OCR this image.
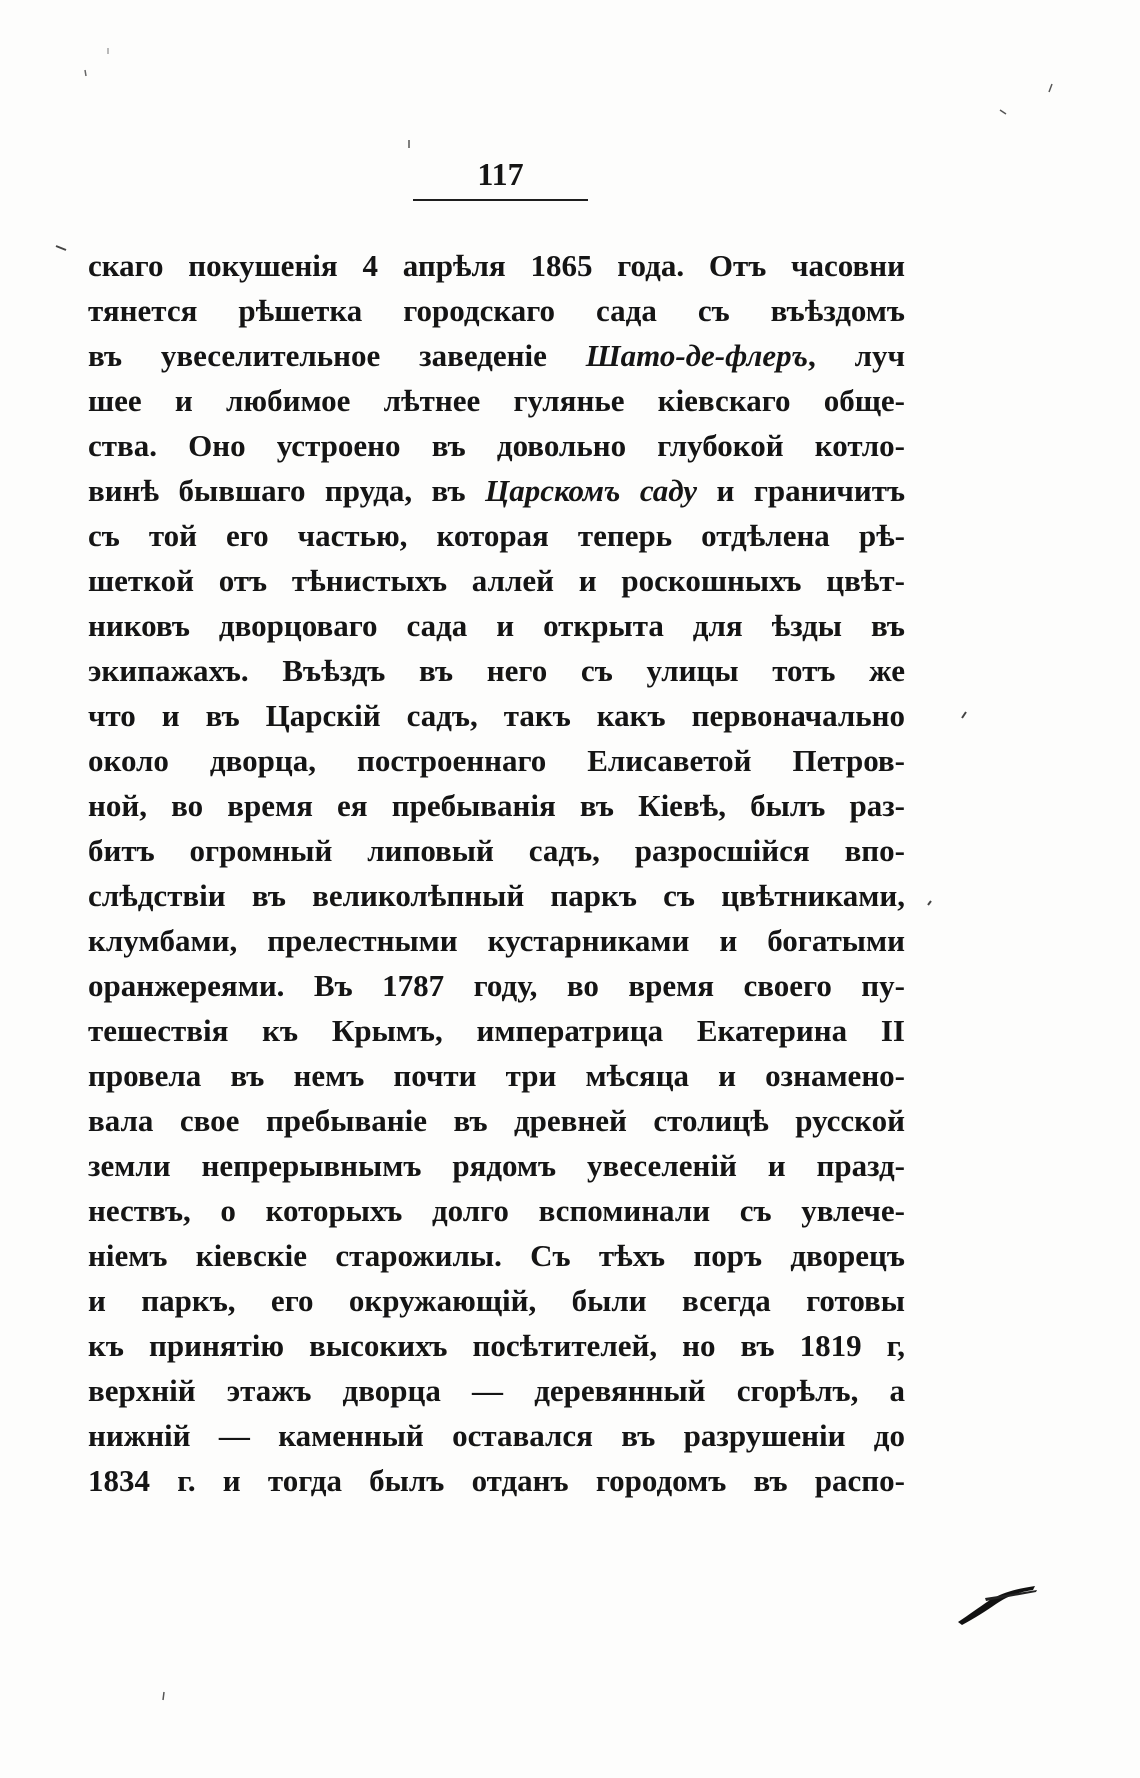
117
скаго покушенія 4 апрѣля 1865 года. Отъ часовни
тянется рѣшетка городскаго сада съ въѣздомъ
въ увеселительное заведеніе Шато-де-флеръ, луч
шее и любимое лѣтнее гулянье кіевскаго обще-
ства. Оно устроено въ довольно глубокой котло-
винѣ бывшаго пруда, въ Царскомъ саду и граничитъ
съ той его частью, которая теперь отдѣлена рѣ-
шеткой отъ тѣнистыхъ аллей и роскошныхъ цвѣт-
никовъ дворцоваго сада и открыта для ѣзды въ
экипажахъ. Въѣздъ въ него съ улицы тотъ же
что и въ Царскій садъ, такъ какъ первоначально
около дворца, построеннаго Елисаветой Петров-
ной, во время ея пребыванія въ Кіевѣ, былъ раз-
битъ огромный липовый садъ, разросшійся впо-
слѣдствіи въ великолѣпный паркъ съ цвѣтниками,
клумбами, прелестными кустарниками и богатыми
оранжереями. Въ 1787 году, во время своего пу-
тешествія къ Крымъ, императрица Екатерина II
провела въ немъ почти три мѣсяца и ознамено-
вала свое пребываніе въ древней столицѣ русской
земли непрерывнымъ рядомъ увеселеній и празд-
нествъ, о которыхъ долго вспоминали съ увлече-
ніемъ кіевскіе старожилы. Съ тѣхъ поръ дворецъ
и паркъ, его окружающій, были всегда готовы
къ принятію высокихъ посѣтителей, но въ 1819 г,
верхній этажъ дворца — деревянный сгорѣлъ, а
нижній — каменный оставался въ разрушеніи до
1834 г. и тогда былъ отданъ городомъ въ распо-
